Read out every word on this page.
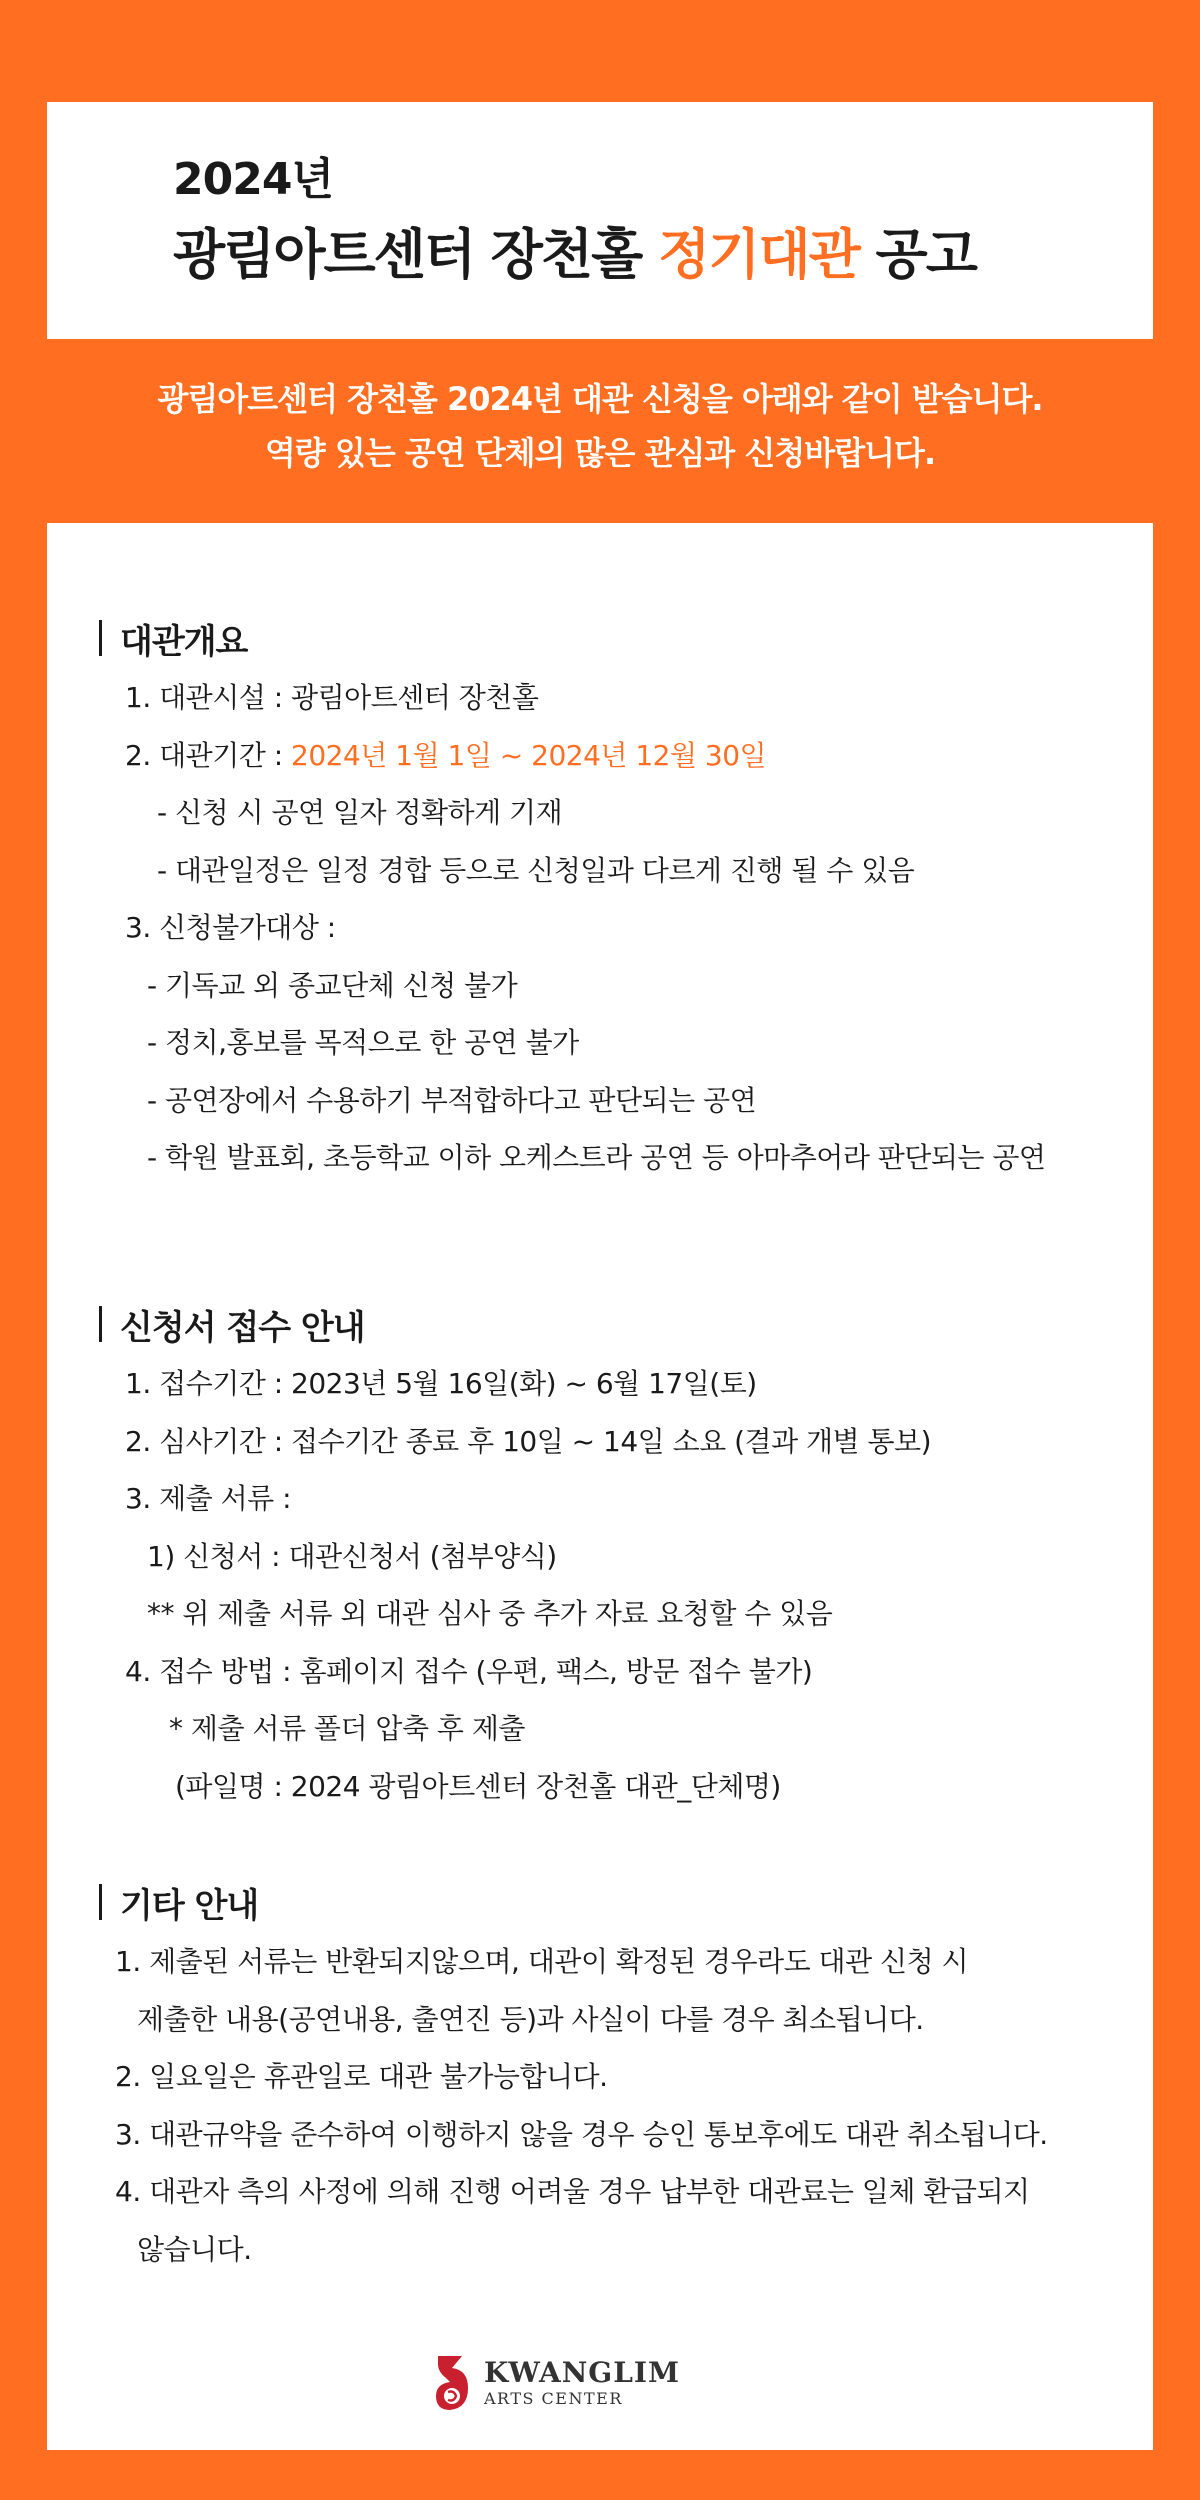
2024년
광림아트센터 장천홀 정기대관 공고
광림아트센터 장천홀 2024년 대관 신청을 아래와 같이 받습니다.
역량 있는 공연 단체의 많은 관심과 신청바랍니다.
대관개요
1. 대관시설 : 광림아트센터 장천홀
2. 대관기간 : 2024년 1월 1일 ~ 2024년 12월 30일
- 신청 시 공연 일자 정확하게 기재
- 대관일정은 일정 경합 등으로 신청일과 다르게 진행 될 수 있음
3. 신청불가대상 :
- 기독교 외 종교단체 신청 불가
- 정치,홍보를 목적으로 한 공연 불가
- 공연장에서 수용하기 부적합하다고 판단되는 공연
- 학원 발표회, 초등학교 이하 오케스트라 공연 등 아마추어라 판단되는 공연
신청서 접수 안내
1. 접수기간 : 2023년 5월 16일(화) ~ 6월 17일(토)
2. 심사기간 : 접수기간 종료 후 10일 ~ 14일 소요 (결과 개별 통보)
3. 제출 서류 :
1) 신청서 : 대관신청서 (첨부양식)
** 위 제출 서류 외 대관 심사 중 추가 자료 요청할 수 있음
4. 접수 방법 : 홈페이지 접수 (우편, 팩스, 방문 접수 불가)
* 제출 서류 폴더 압축 후 제출
(파일명 : 2024 광림아트센터 장천홀 대관_단체명)
기타 안내
1. 제출된 서류는 반환되지않으며, 대관이 확정된 경우라도 대관 신청 시
제출한 내용(공연내용, 출연진 등)과 사실이 다를 경우 최소됩니다.
2. 일요일은 휴관일로 대관 불가능합니다.
3. 대관규약을 준수하여 이행하지 않을 경우 승인 통보후에도 대관 취소됩니다.
4. 대관자 측의 사정에 의해 진행 어려울 경우 납부한 대관료는 일체 환급되지
않습니다.
KWANGLIM
ARTS CENTER
